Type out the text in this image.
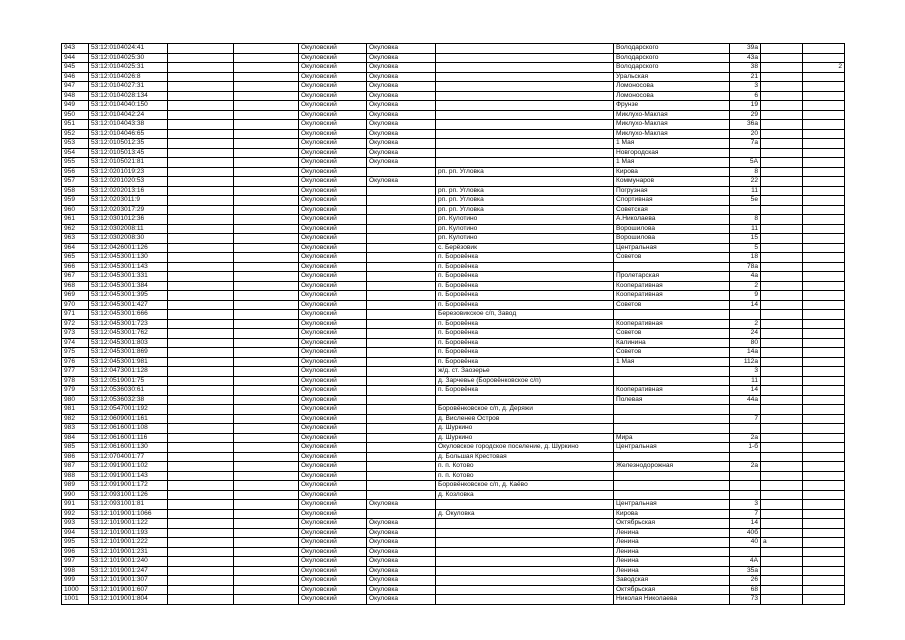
943	53:12:0104024:41			Окуловский	Окуловка		Володарского	39а		
944	53:12:0104025:30			Окуловский	Окуловка		Володарского	43а		
945	53:12:0104025:31			Окуловский	Окуловка		Володарского	38		2
946	53:12:0104026:8			Окуловский	Окуловка		Уральская	21		
947	53:12:0104027:31			Окуловский	Окуловка		Ломоносова	3		
948	53:12:0104028:134			Окуловский	Окуловка		Ломоносова	6		
949	53:12:0104040:150			Окуловский	Окуловка		Фрунзе	19		
950	53:12:0104042:24			Окуловский	Окуловка		Миклухо-Маклая	29		
951	53:12:0104043:38			Окуловский	Окуловка		Миклухо-Маклая	36а		
952	53:12:0104046:65			Окуловский	Окуловка		Миклухо-Маклая	20		
953	53:12:0105012:35			Окуловский	Окуловка		1 Мая	7а		
954	53:12:0105013:45			Окуловский	Окуловка		Новгородская			
955	53:12:0105021:81			Окуловский	Окуловка		1 Мая	5А		
956	53:12:0201019:23			Окуловский		рп. рп. Угловка	Кирова	8		
957	53:12:0201020:53			Окуловский	Окуловка		Коммунаров	22		
958	53:12:0202013:16			Окуловский		рп. рп. Угловка	Погрузная	11		
959	53:12:0203011:9			Окуловский		рп. рп. Угловка	Спортивная	5е		
960	53:12:0203017:29			Окуловский		рп. рп. Угловка	Советская			
961	53:12:0301012:36			Окуловский		рп. Кулотино	А.Николаева	8		
962	53:12:0302008:11			Окуловский		рп. Кулотино	Ворошилова	11		
963	53:12:0302008:30			Окуловский		рп. Кулотино	Ворошилова	15		
964	53:12:0426001:126			Окуловский		с. Берёзовик	Центральная	5		
965	53:12:0453001:130			Окуловский		п. Боровёнка	Советов	18		
966	53:12:0453001:143			Окуловский		п. Боровёнка		78а		
967	53:12:0453001:331			Окуловский		п. Боровёнка	Пролетарская	4а		
968	53:12:0453001:384			Окуловский		п. Боровёнка	Кооперативная	2		
969	53:12:0453001:395			Окуловский		п. Боровёнка	Кооперативная	9		
970	53:12:0453001:427			Окуловский		п. Боровёнка	Советов	14		
971	53:12:0453001:666			Окуловский		Березовикское с/п, Завод				
972	53:12:0453001:723			Окуловский		п. Боровёнка	Кооперативная	2		
973	53:12:0453001:762			Окуловский		п. Боровёнка	Советов	24		
974	53:12:0453001:803			Окуловский		п. Боровёнка	Калинина	80		
975	53:12:0453001:869			Окуловский		п. Боровёнка	Советов	14а		
976	53:12:0453001:981			Окуловский		п. Боровёнка	1 Мая	112а		
977	53:12:0473001:128			Окуловский		ж/д. ст. Заозерье		3		
978	53:12:0519001:75			Окуловский		д. Зарчевье (Боровёнковское с/п)		11		
979	53:12:0536030:61			Окуловский		п. Боровёнка	Кооперативная	14		
980	53:12:0536032:38			Окуловский			Полевая	44а		
981	53:12:0547001:192			Окуловский		Боровёнковское с/п, д. Деряжи				
982	53:12:0609001:161			Окуловский		д. Висленев Остров		7		
983	53:12:0616001:108			Окуловский		д. Шуркино				
984	53:12:0616001:116			Окуловский		д. Шуркино	Мира	2а		
985	53:12:0616001:130			Окуловский		Окуловское городское поселение, д. Шуркино	Центральная	1-б		
986	53:12:0704001:77			Окуловский		д. Большая Крестовая				
987	53:12:0919001:102			Окуловский		п. п. Котово	Железнодорожная	2а		
988	53:12:0919001:143			Окуловский		п. п. Котово				
989	53:12:0919001:172			Окуловский		Боровёнковское с/п, д. Каёво				
990	53:12:0931001:126			Окуловский		д. Козловка				
991	53:12:0931001:81			Окуловский	Окуловка		Центральная	3		
992	53:12:1019001:1066			Окуловский		д. Окуловка	Кирова	7		
993	53:12:1019001:122			Окуловский	Окуловка		Октябрьская	14		
994	53:12:1019001:193			Окуловский	Окуловка		Ленина	40б		
995	53:12:1019001:222			Окуловский	Окуловка		Ленина	40	а	
996	53:12:1019001:231			Окуловский	Окуловка		Ленина			
997	53:12:1019001:240			Окуловский	Окуловка		Ленина	4А		
998	53:12:1019001:247			Окуловский	Окуловка		Ленина	35а		
999	53:12:1019001:307			Окуловский	Окуловка		Заводская	26		
1000	53:12:1019001:607			Окуловский	Окуловка		Октябрьская	68		
1001	53:12:1019001:804			Окуловский	Окуловка		Николая Николаева	73		
